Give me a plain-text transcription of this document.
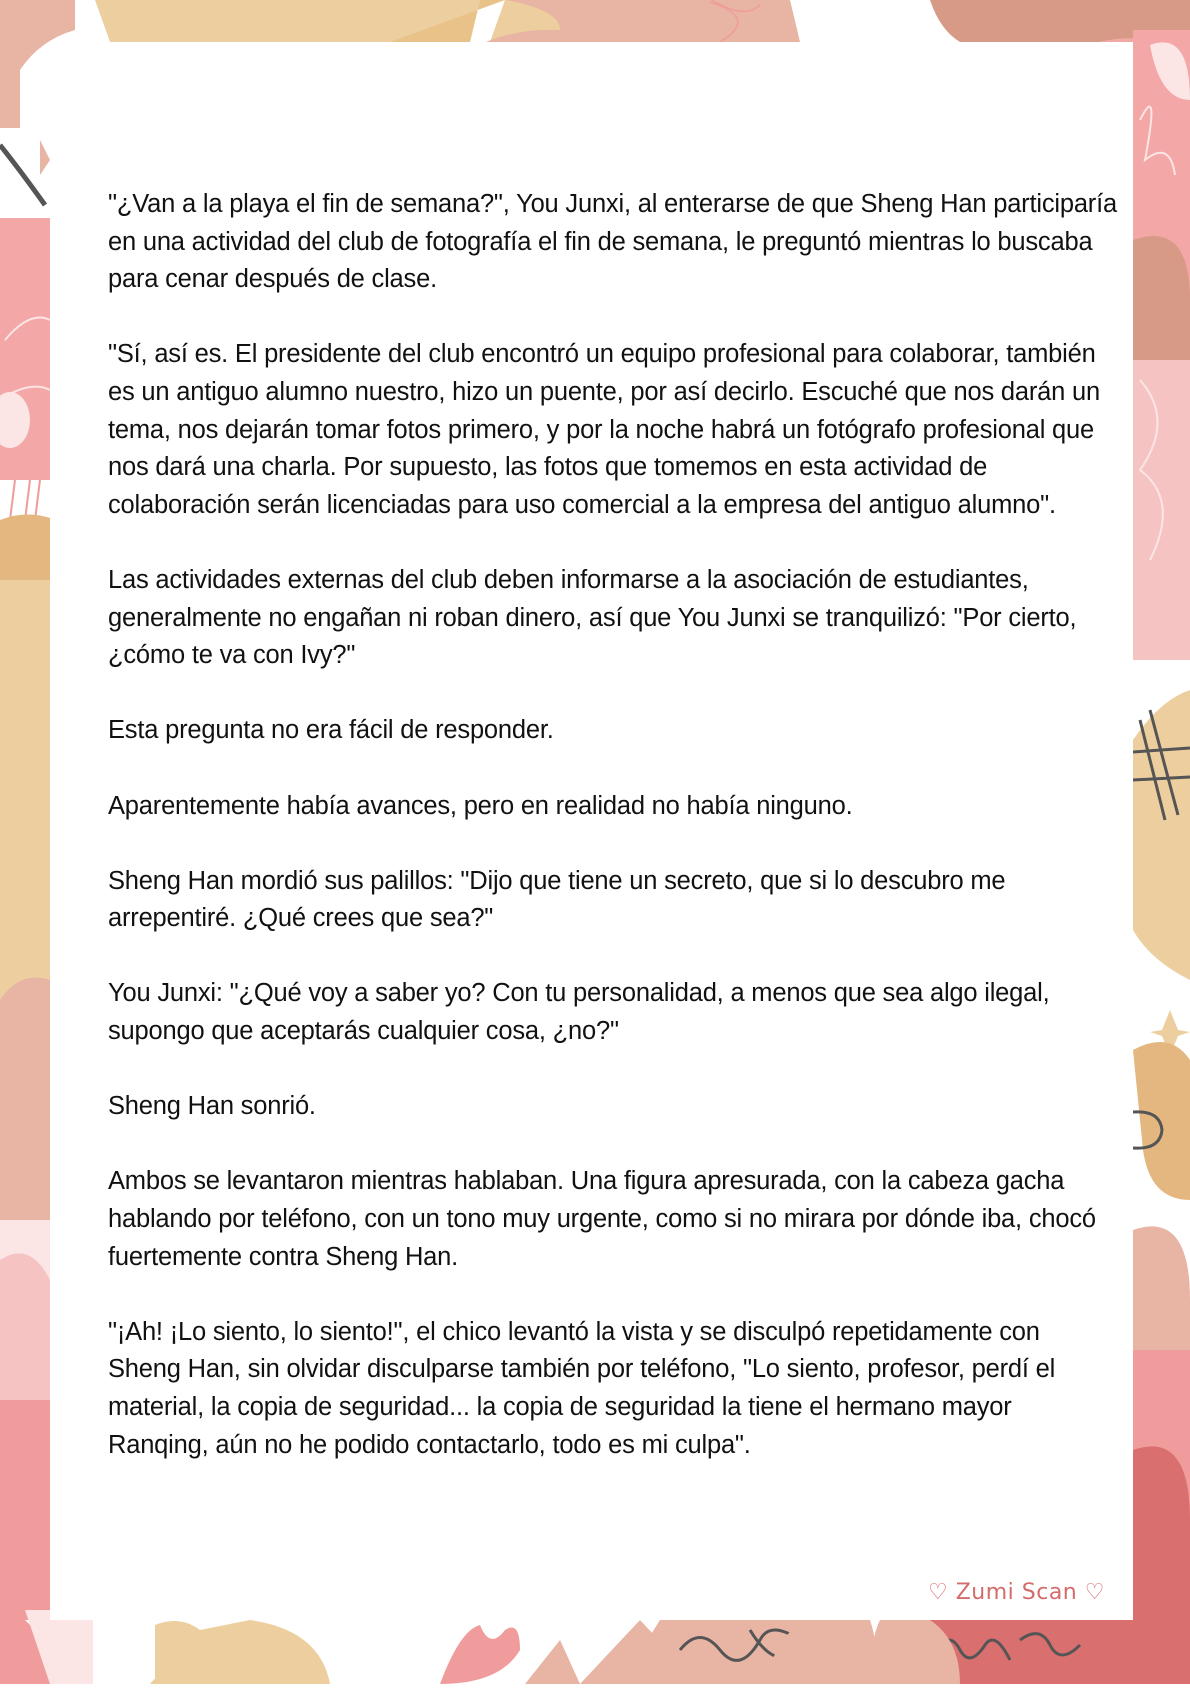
"¿Van a la playa el fin de semana?", You Junxi, al enterarse de que Sheng Han participaría en una actividad del club de fotografía el fin de semana, le preguntó mientras lo buscaba para cenar después de clase.

"Sí, así es. El presidente del club encontró un equipo profesional para colaborar, también es un antiguo alumno nuestro, hizo un puente, por así decirlo. Escuché que nos darán un tema, nos dejarán tomar fotos primero, y por la noche habrá un fotógrafo profesional que nos dará una charla. Por supuesto, las fotos que tomemos en esta actividad de colaboración serán licenciadas para uso comercial a la empresa del antiguo alumno".

Las actividades externas del club deben informarse a la asociación de estudiantes, generalmente no engañan ni roban dinero, así que You Junxi se tranquilizó: "Por cierto, ¿cómo te va con Ivy?"

Esta pregunta no era fácil de responder.

Aparentemente había avances, pero en realidad no había ninguno.

Sheng Han mordió sus palillos: "Dijo que tiene un secreto, que si lo descubro me arrepentiré. ¿Qué crees que sea?"

You Junxi: "¿Qué voy a saber yo? Con tu personalidad, a menos que sea algo ilegal, supongo que aceptarás cualquier cosa, ¿no?"

Sheng Han sonrió.

Ambos se levantaron mientras hablaban. Una figura apresurada, con la cabeza gacha hablando por teléfono, con un tono muy urgente, como si no mirara por dónde iba, chocó fuertemente contra Sheng Han.

"¡Ah! ¡Lo siento, lo siento!", el chico levantó la vista y se disculpó repetidamente con Sheng Han, sin olvidar disculparse también por teléfono, "Lo siento, profesor, perdí el material, la copia de seguridad... la copia de seguridad la tiene el hermano mayor Ranqing, aún no he podido contactarlo, todo es mi culpa".

♡ Zumi Scan ♡
